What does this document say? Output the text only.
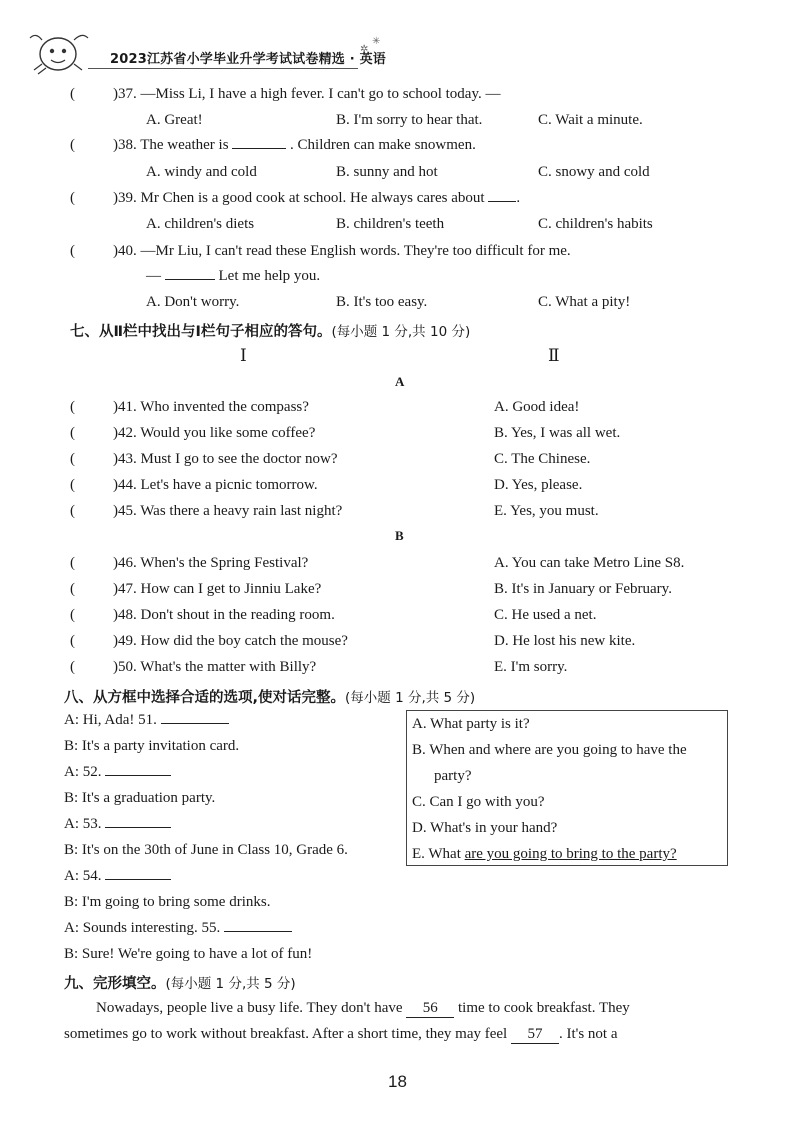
2023江苏省小学毕业升学考试试卷精选 · 英语
✲
✳
(	)37. —Miss Li, I have a high fever. I can't go to school today. —
A. Great!	B. I'm sorry to hear that.	C. Wait a minute.
(	)38. The weather is	. Children can make snowmen.
A. windy and cold	B. sunny and hot	C. snowy and cold
(	)39. Mr Chen is a good cook at school. He always cares about .
A. children's diets	B. children's teeth	C. children's habits
(	)40. —Mr Liu, I can't read these English words. They're too difficult for me.
—	Let me help you.
A. Don't worry.	B. It's too easy.	C. What a pity!
七、从Ⅱ栏中找出与Ⅰ栏句子相应的答句。(每小题 1 分,共 10 分)
Ⅰ	Ⅱ
A
(	)41. Who invented the compass?	A. Good idea!
(	)42. Would you like some coffee?	B. Yes, I was all wet.
(	)43. Must I go to see the doctor now?	C. The Chinese.
(	)44. Let's have a picnic tomorrow.	D. Yes, please.
(	)45. Was there a heavy rain last night?	E. Yes, you must.
B
(	)46. When's the Spring Festival?	A. You can take Metro Line S8.
(	)47. How can I get to Jinniu Lake?	B. It's in January or February.
(	)48. Don't shout in the reading room.	C. He used a net.
(	)49. How did the boy catch the mouse?	D. He lost his new kite.
(	)50. What's the matter with Billy?	E. I'm sorry.
八、从方框中选择合适的选项,使对话完整。(每小题 1 分,共 5 分)
A: Hi, Ada! 51.
B: It's a party invitation card.
A: 52.
B: It's a graduation party.
A: 53.
B: It's on the 30th of June in Class 10, Grade 6.
A: 54.
B: I'm going to bring some drinks.
A: Sounds interesting. 55.
B: Sure! We're going to have a lot of fun!
A. What party is it?
B. When and where are you going to have the
party?
C. Can I go with you?
D. What's in your hand?
E. What are you going to bring to the party?
九、完形填空。(每小题 1 分,共 5 分)
Nowadays, people live a busy life. They don't have 56 time to cook breakfast. They
sometimes go to work without breakfast. After a short time, they may feel 57 . It's not a
18
